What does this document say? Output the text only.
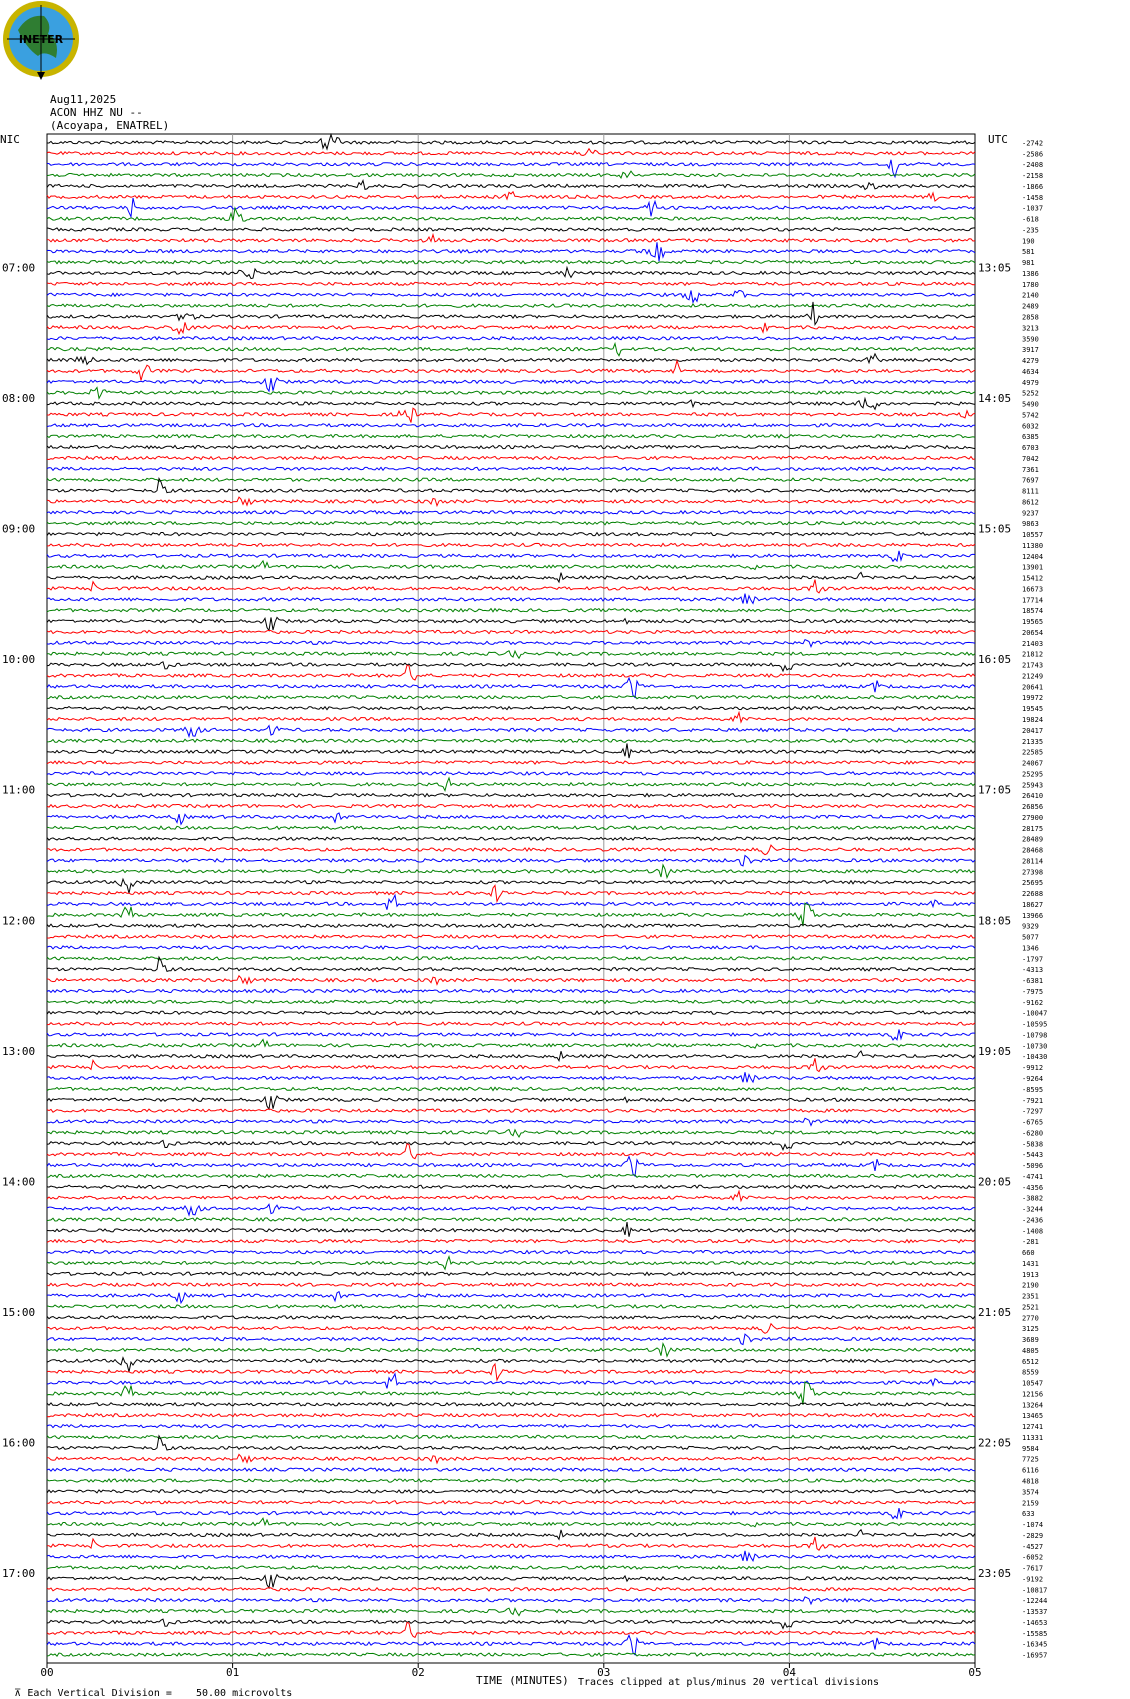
INETER
Aug11,2025
ACON HHZ NU --
(Acoyapa, ENATREL)
NIC	UTC -2742
-2586
-2408
-2158
-1866
-1458
-1037
-618
-235
190
581
981
1386
1780
2140
2489
2858
3213
3590
3917
4279
4634
4979
5252
5490
5742
6032
6385
6703
7042
7361
7697
8111
8612
9237
9863
10557
11380
12404
13901
15412
16673
17714
18574
19565
20654
21403
21812
21743
21249
20641
19972
19545
19824
20417
21335
22585
24067
25295
25943
26410
26856
27900
28175
28489
28468
28114
27398
25695
22688
18627
13966
9329
5077
1346
-1797
-4313
-6381
-7975
-9162
-10047
-10595
-10798
-10730
-10430
-9912
-9264
-8595
-7921
-7297
-6765
-6280
-5838
-5443
-5096
-4741
-4356
-3882
-3244
-2436
-1408
-281
660
1431
1913
2190
2351
2521
2770
3125
3689
4805
6512
8559
10547
12156
13264
13465
12741
11331
9584
7725
6116
4818
3574
2159
633
-1074
-2829
-4527
-6052
-7617
-9192
-10817
-12244
-13537
-14653
-15585
-16345
-16957
07:00	13:05
08:00	14:05
09:00	15:05
10:00	16:05
11:00	17:05
12:00	18:05
13:00	19:05
14:00	20:05
15:00	21:05
16:00	22:05
17:00	23:05
00	01	02	03	04	05

⊼ Each Vertical Division =    50.00 microvolts

TIME (MINUTES) Traces clipped at plus/minus 20 vertical divisions
